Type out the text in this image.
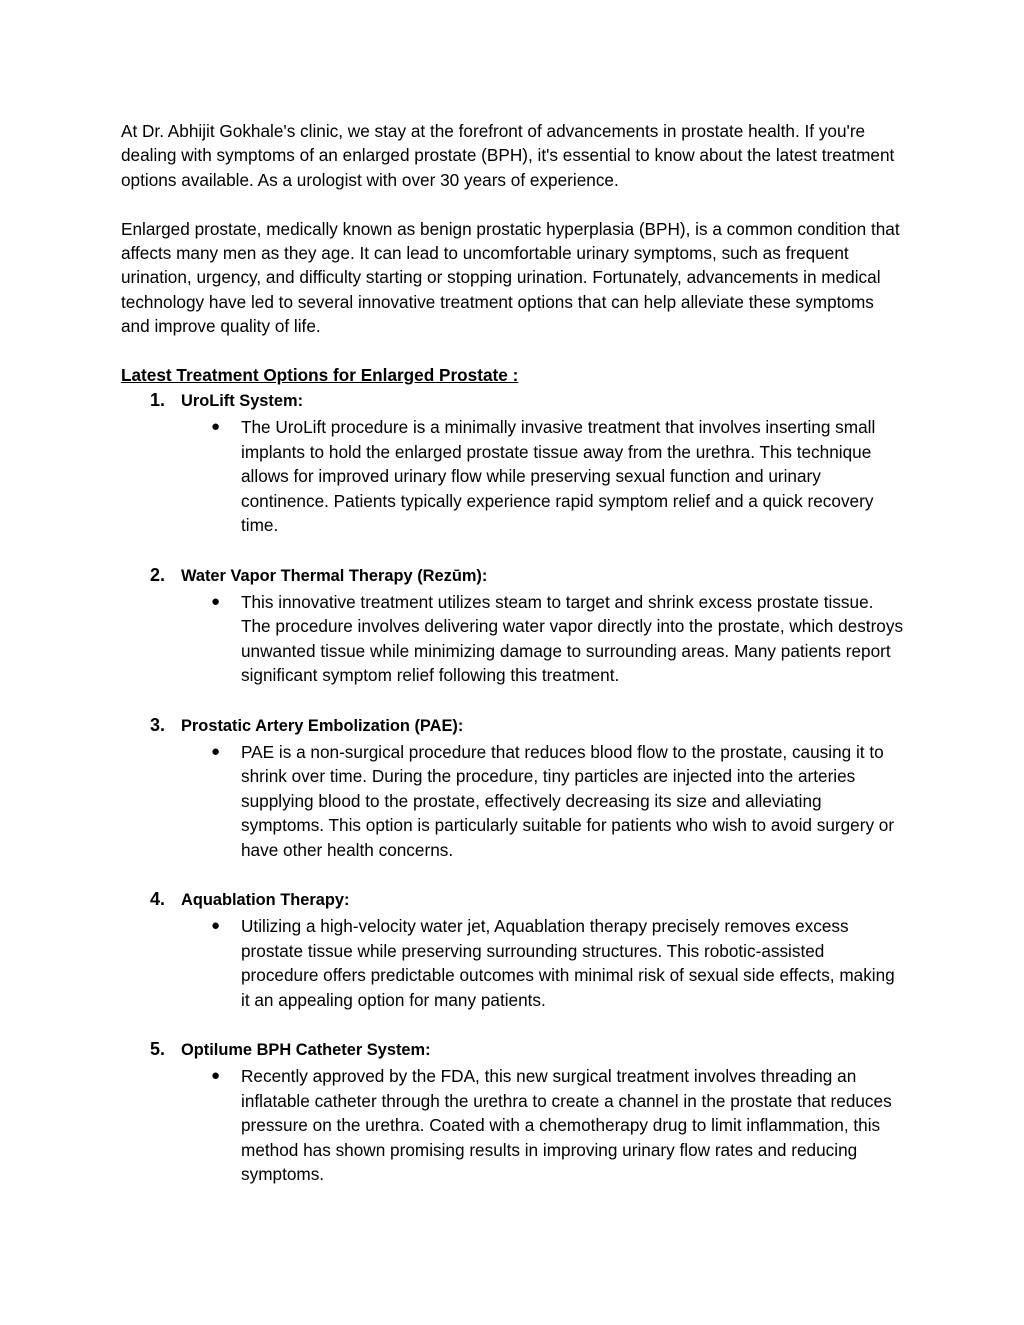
At Dr. Abhijit Gokhale's clinic, we stay at the forefront of advancements in prostate health. If you're dealing with symptoms of an enlarged prostate (BPH), it's essential to know about the latest treatment options available. As a urologist with over 30 years of experience.

Enlarged prostate, medically known as benign prostatic hyperplasia (BPH), is a common condition that affects many men as they age. It can lead to uncomfortable urinary symptoms, such as frequent urination, urgency, and difficulty starting or stopping urination. Fortunately, advancements in medical technology have led to several innovative treatment options that can help alleviate these symptoms and improve quality of life.

Latest Treatment Options for Enlarged Prostate :

1. UroLift System:
● The UroLift procedure is a minimally invasive treatment that involves inserting small implants to hold the enlarged prostate tissue away from the urethra. This technique allows for improved urinary flow while preserving sexual function and urinary continence. Patients typically experience rapid symptom relief and a quick recovery time.
2. Water Vapor Thermal Therapy (Rezūm):
● This innovative treatment utilizes steam to target and shrink excess prostate tissue. The procedure involves delivering water vapor directly into the prostate, which destroys unwanted tissue while minimizing damage to surrounding areas. Many patients report significant symptom relief following this treatment.
3. Prostatic Artery Embolization (PAE):
● PAE is a non-surgical procedure that reduces blood flow to the prostate, causing it to shrink over time. During the procedure, tiny particles are injected into the arteries supplying blood to the prostate, effectively decreasing its size and alleviating symptoms. This option is particularly suitable for patients who wish to avoid surgery or have other health concerns.
4. Aquablation Therapy:
● Utilizing a high-velocity water jet, Aquablation therapy precisely removes excess prostate tissue while preserving surrounding structures. This robotic-assisted procedure offers predictable outcomes with minimal risk of sexual side effects, making it an appealing option for many patients.
5. Optilume BPH Catheter System:
● Recently approved by the FDA, this new surgical treatment involves threading an inflatable catheter through the urethra to create a channel in the prostate that reduces pressure on the urethra. Coated with a chemotherapy drug to limit inflammation, this method has shown promising results in improving urinary flow rates and reducing symptoms.
